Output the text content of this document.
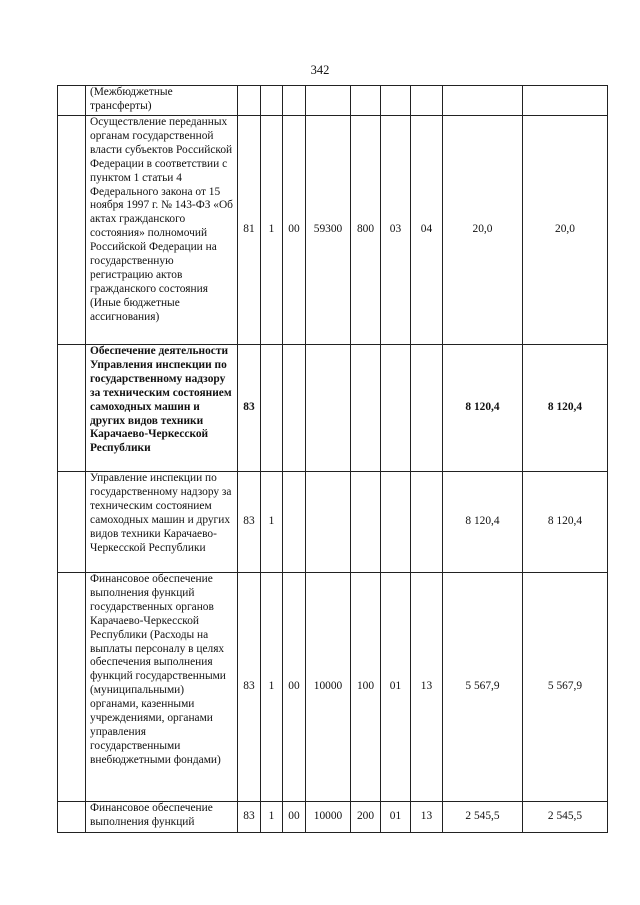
342
	(Межбюджетные трансферты)									
	Осуществление переданных органам государственной власти субъектов Российской Федерации в соответствии с пунктом 1 статьи 4 Федерального закона от 15 ноября 1997 г. № 143-ФЗ «Об актах гражданского состояния» полномочий Российской Федерации на государственную регистрацию актов гражданского состояния (Иные бюджетные ассигнования)	81	1	00	59300	800	03	04	20,0	20,0
	Обеспечение деятельности Управления инспекции по государственному надзору за техническим состоянием самоходных машин и других видов техники Карачаево-Черкесской Республики	83							8 120,4	8 120,4
	Управление инспекции по государственному надзору за техническим состоянием самоходных машин и других видов техники Карачаево-Черкесской Республики	83	1						8 120,4	8 120,4
	Финансовое обеспечение выполнения функций государственных органов Карачаево-Черкесской Республики (Расходы на выплаты персоналу в целях обеспечения выполнения функций государственными (муниципальными) органами, казенными учреждениями, органами управления государственными внебюджетными фондами)	83	1	00	10000	100	01	13	5 567,9	5 567,9
	Финансовое обеспечение выполнения функций	83	1	00	10000	200	01	13	2 545,5	2 545,5
